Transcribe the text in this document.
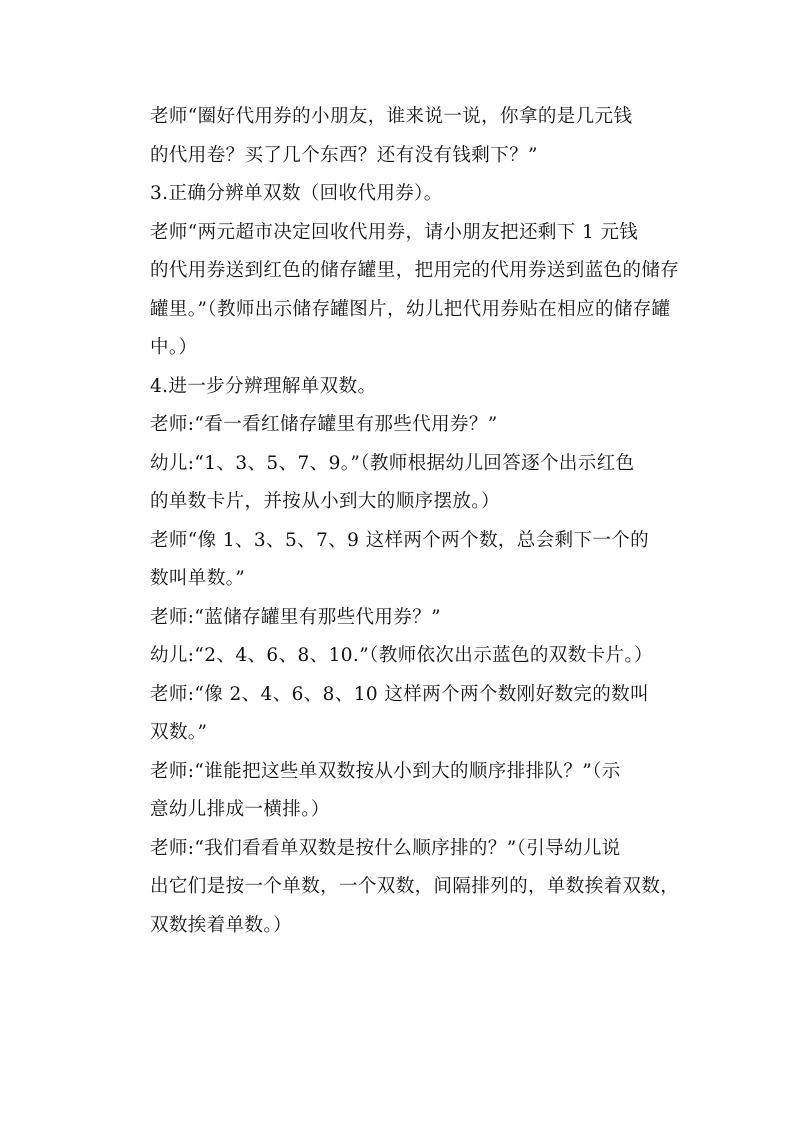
老师“圈好代用券的小朋友，谁来说一说，你拿的是几元钱
的代用卷？买了几个东西？还有没有钱剩下？”

3.正确分辨单双数（回收代用券）。

老师“两元超市决定回收代用券，请小朋友把还剩下 1 元钱
的代用券送到红色的储存罐里，把用完的代用券送到蓝色的储存
罐里。”（教师出示储存罐图片，幼儿把代用券贴在相应的储存罐
中。）

4.进一步分辨理解单双数。

老师:“看一看红储存罐里有那些代用券？”

幼儿:“1、3、5、7、9。”（教师根据幼儿回答逐个出示红色
的单数卡片，并按从小到大的顺序摆放。）

老师“像 1、3、5、7、9 这样两个两个数，总会剩下一个的
数叫单数。”

老师:“蓝储存罐里有那些代用券？”

幼儿:“2、4、6、8、10.”（教师依次出示蓝色的双数卡片。）

老师:“像 2、4、6、8、10 这样两个两个数刚好数完的数叫
双数。”

老师:“谁能把这些单双数按从小到大的顺序排排队？”（示
意幼儿排成一横排。）

老师:“我们看看单双数是按什么顺序排的？”（引导幼儿说
出它们是按一个单数，一个双数，间隔排列的，单数挨着双数，
双数挨着单数。）
